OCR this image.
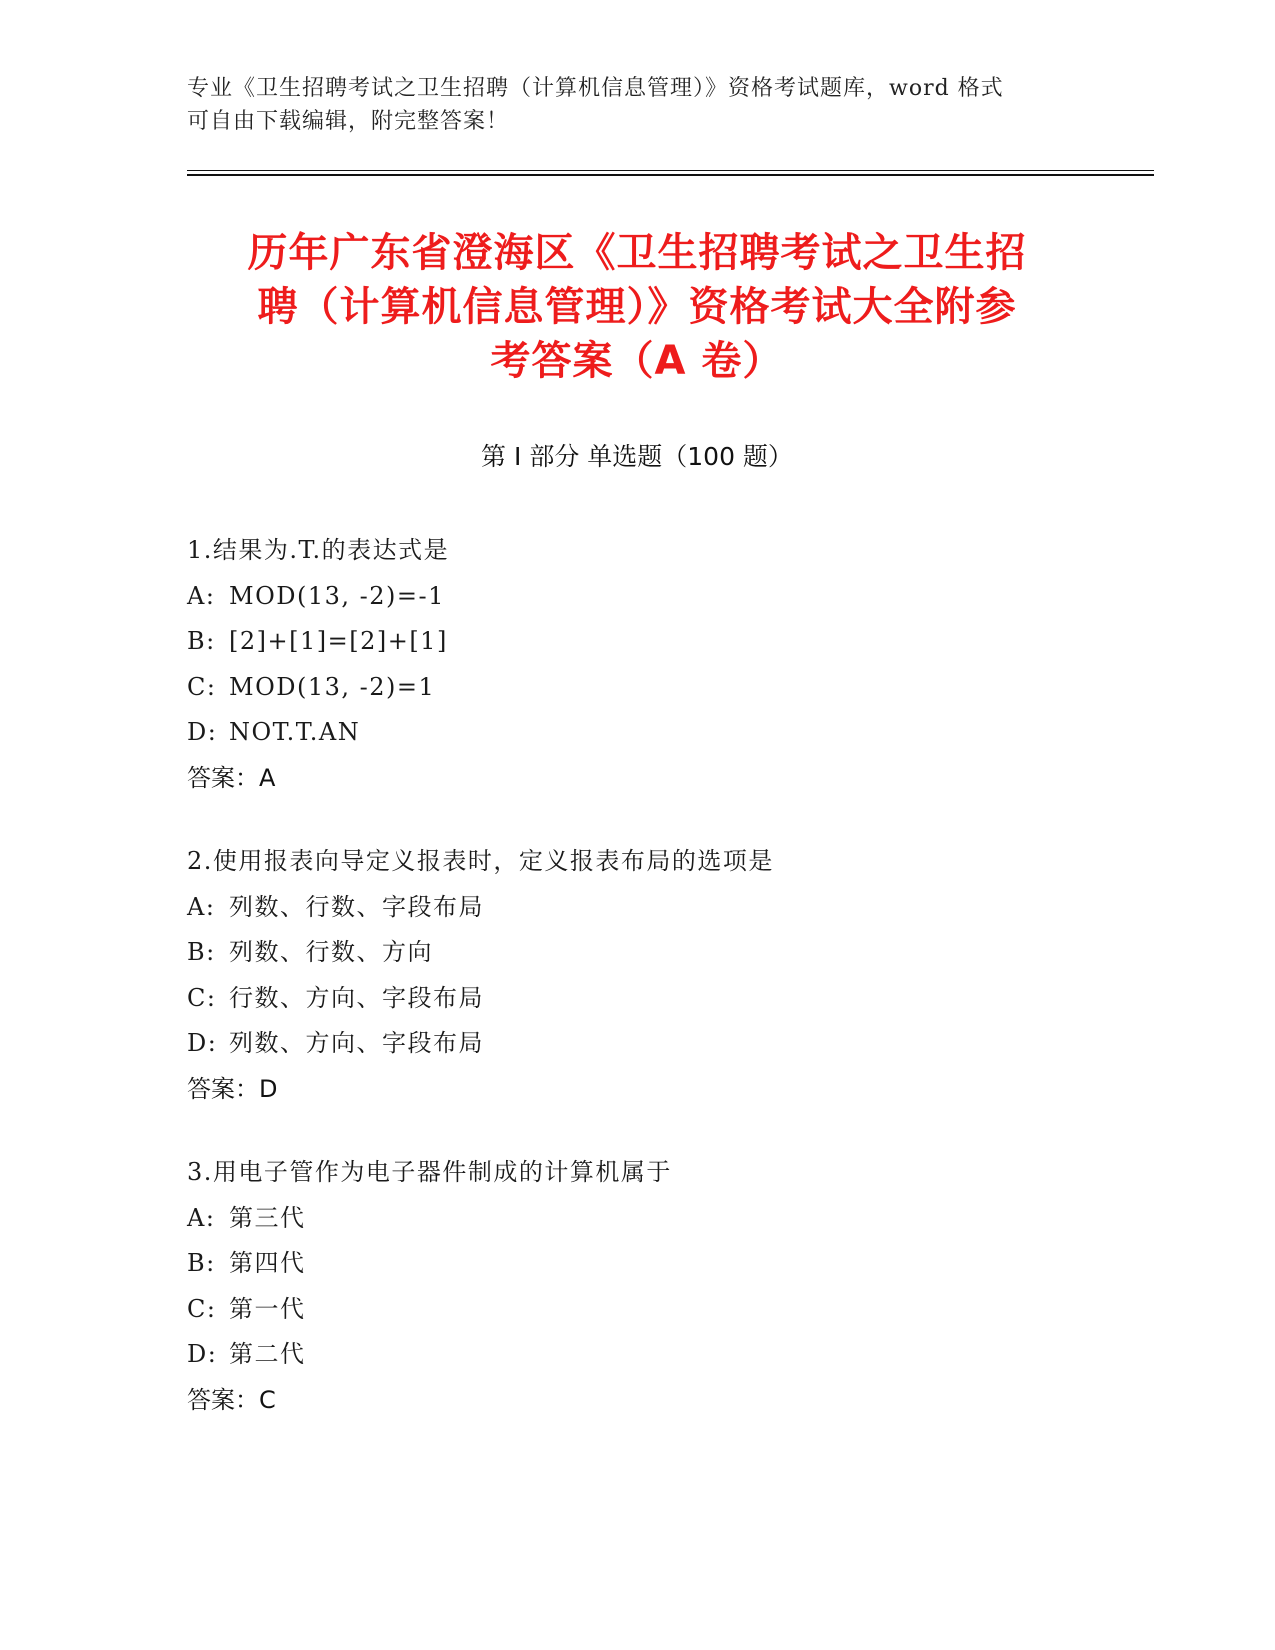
专业《卫生招聘考试之卫生招聘（计算机信息管理）》资格考试题库，word 格式
可自由下载编辑，附完整答案！
历年广东省澄海区《卫生招聘考试之卫生招
聘（计算机信息管理）》资格考试大全附参
考答案（A 卷）
第 I 部分 单选题（100 题）
1.结果为.T.的表达式是
A: MOD(13, -2)=-1
B: [2]+[1]=[2]+[1]
C: MOD(13, -2)=1
D: NOT.T.AN
答案：A
2.使用报表向导定义报表时，定义报表布局的选项是
A: 列数、行数、字段布局
B: 列数、行数、方向
C: 行数、方向、字段布局
D: 列数、方向、字段布局
答案：D
3.用电子管作为电子器件制成的计算机属于
A: 第三代
B: 第四代
C: 第一代
D: 第二代
答案：C
